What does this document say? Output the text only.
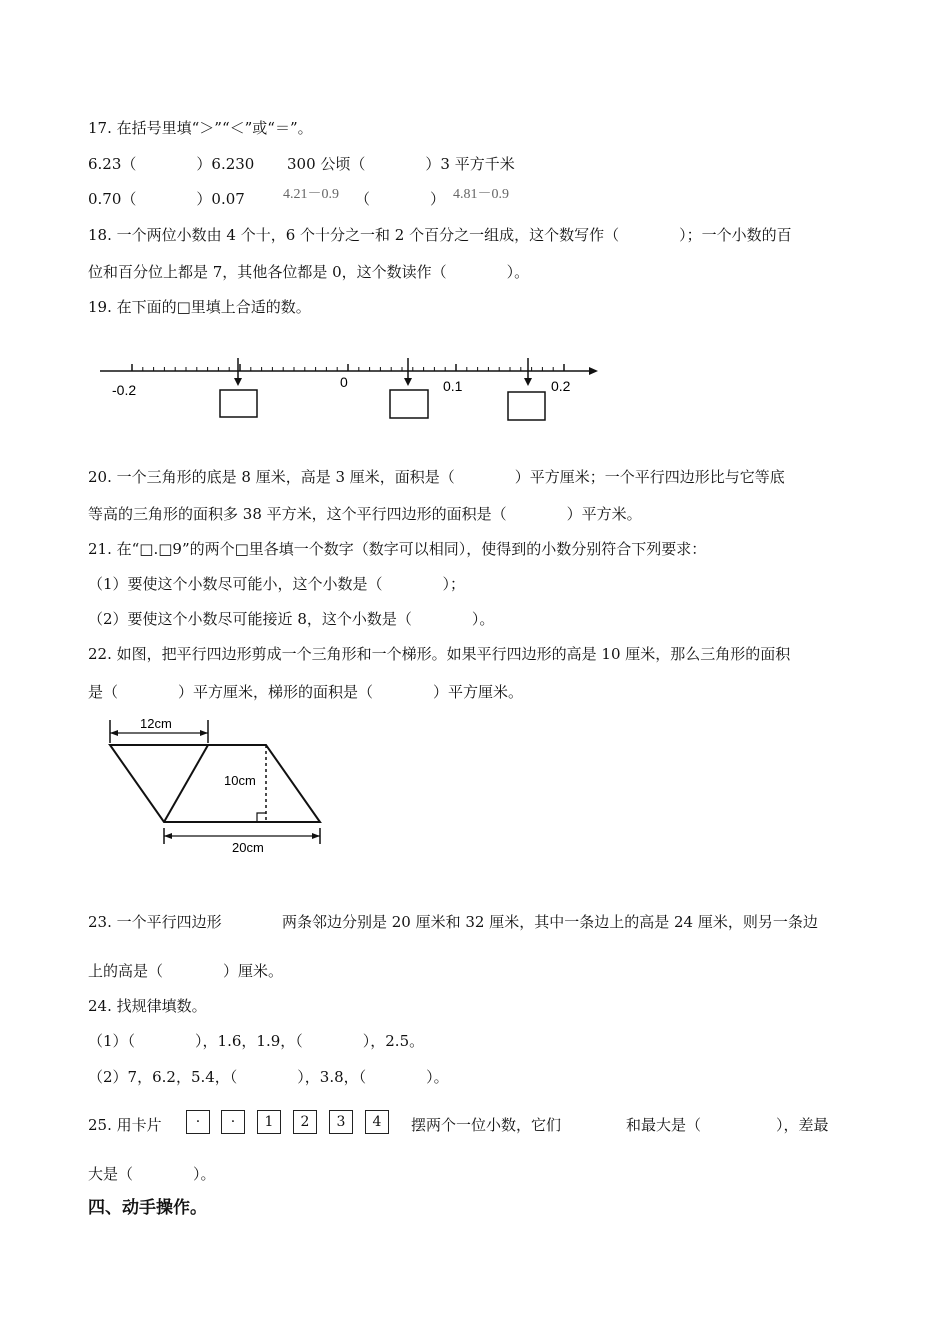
17. 在括号里填“＞”“＜”或“＝”。
6.23（　　　　）6.230 300 公顷（　　　　）3 平方千米
0.70（　　　　）0.07	4.21－0.9 （　　　　） 4.81－0.9
18. 一个两位小数由 4 个十，6 个十分之一和 2 个百分之一组成，这个数写作（　　　　）；一个小数的百
位和百分位上都是 7，其他各位都是 0，这个数读作（　　　　）。
19. 在下面的□里填上合适的数。
-0.2	0	0.1	0.2
20. 一个三角形的底是 8 厘米，高是 3 厘米，面积是（　　　　）平方厘米；一个平行四边形比与它等底
等高的三角形的面积多 38 平方米，这个平行四边形的面积是（　　　　）平方米。
21. 在“□.□9”的两个□里各填一个数字（数字可以相同），使得到的小数分别符合下列要求：
（1）要使这个小数尽可能小，这个小数是（　　　　）；
（2）要使这个小数尽可能接近 8，这个小数是（　　　　）。
22. 如图，把平行四边形剪成一个三角形和一个梯形。如果平行四边形的高是 10 厘米，那么三角形的面积
是（　　　　）平方厘米，梯形的面积是（　　　　）平方厘米。
12cm
10cm
20cm
23. 一个平行四边形	两条邻边分别是 20 厘米和 32 厘米，其中一条边上的高是 24 厘米，则另一条边
上的高是（　　　　）厘米。
24. 找规律填数。
（1）（　　　　），1.6，1.9，（　　　　），2.5。
（2）7，6.2，5.4，（　　　　），3.8，（　　　　）。
25. 用卡片	·	·	1	2	3	4	摆两个一位小数，它们	和最大是（　　　　　），差最
大是（　　　　）。
四、动手操作。
